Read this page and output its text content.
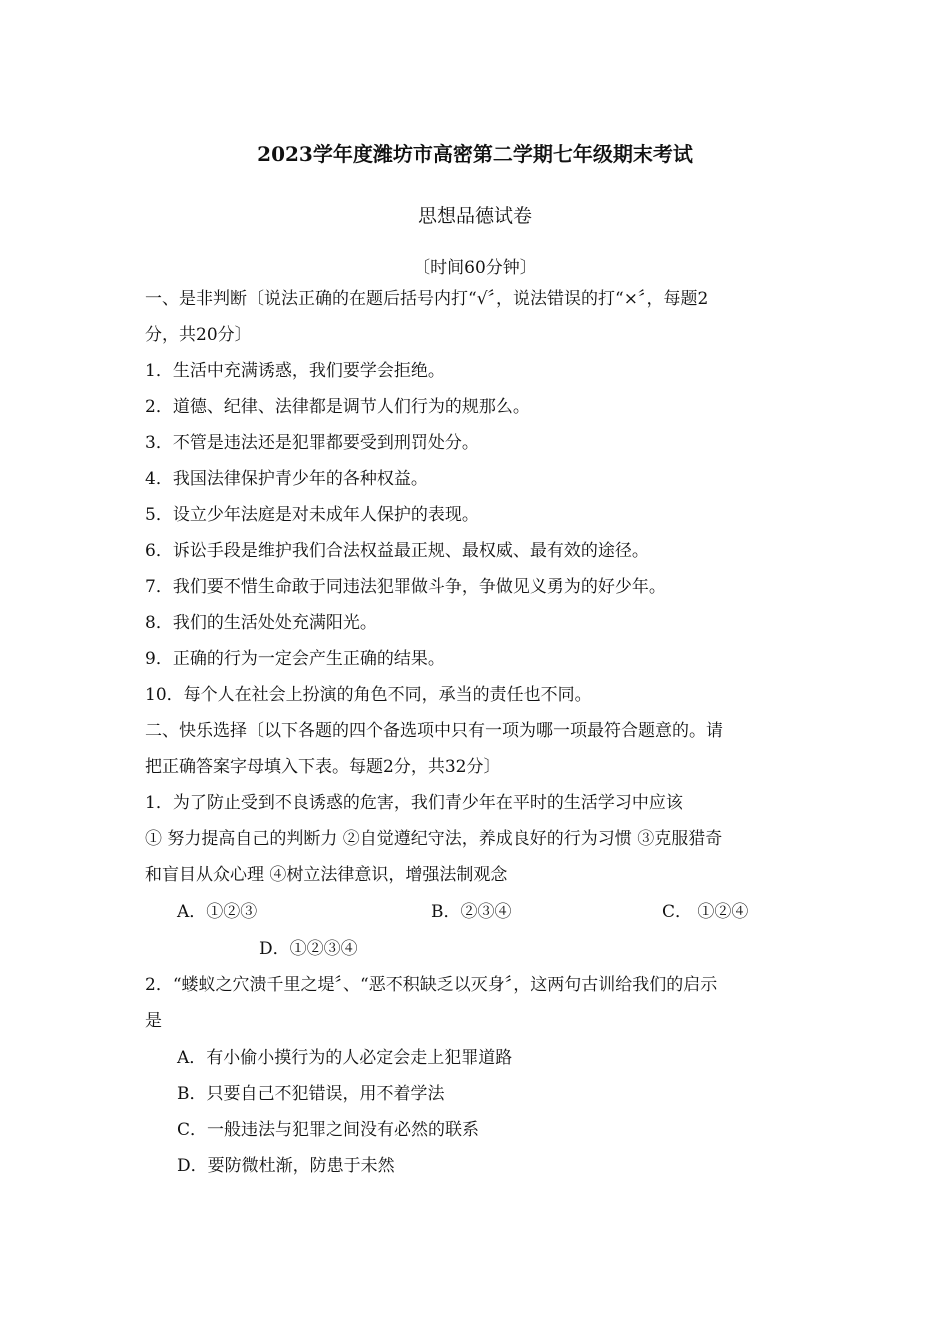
2023学年度潍坊市高密第二学期七年级期末考试
思想品德试卷
〔时间60分钟〕
一、是非判断〔说法正确的在题后括号内打“√〞，说法错误的打“×〞，每题2
分，共20分〕
1．生活中充满诱惑，我们要学会拒绝。
2．道德、纪律、法律都是调节人们行为的规那么。
3．不管是违法还是犯罪都要受到刑罚处分。
4．我国法律保护青少年的各种权益。
5．设立少年法庭是对未成年人保护的表现。
6．诉讼手段是维护我们合法权益最正规、最权威、最有效的途径。
7．我们要不惜生命敢于同违法犯罪做斗争，争做见义勇为的好少年。
8．我们的生活处处充满阳光。
9．正确的行为一定会产生正确的结果。
10．每个人在社会上扮演的角色不同，承当的责任也不同。
二、快乐选择〔以下各题的四个备选项中只有一项为哪一项最符合题意的。请
把正确答案字母填入下表。每题2分，共32分〕
1．为了防止受到不良诱惑的危害，我们青少年在平时的生活学习中应该
① 努力提高自己的判断力 ②自觉遵纪守法，养成良好的行为习惯 ③克服猎奇
和盲目从众心理 ④树立法律意识，增强法制观念
A．①②③	B．②③④	C． ①②④
D．①②③④
2．“蝼蚁之穴溃千里之堤〞、“恶不积缺乏以灭身〞，这两句古训给我们的启示
是
A．有小偷小摸行为的人必定会走上犯罪道路
B．只要自己不犯错误，用不着学法
C．一般违法与犯罪之间没有必然的联系
D．要防微杜渐，防患于未然
